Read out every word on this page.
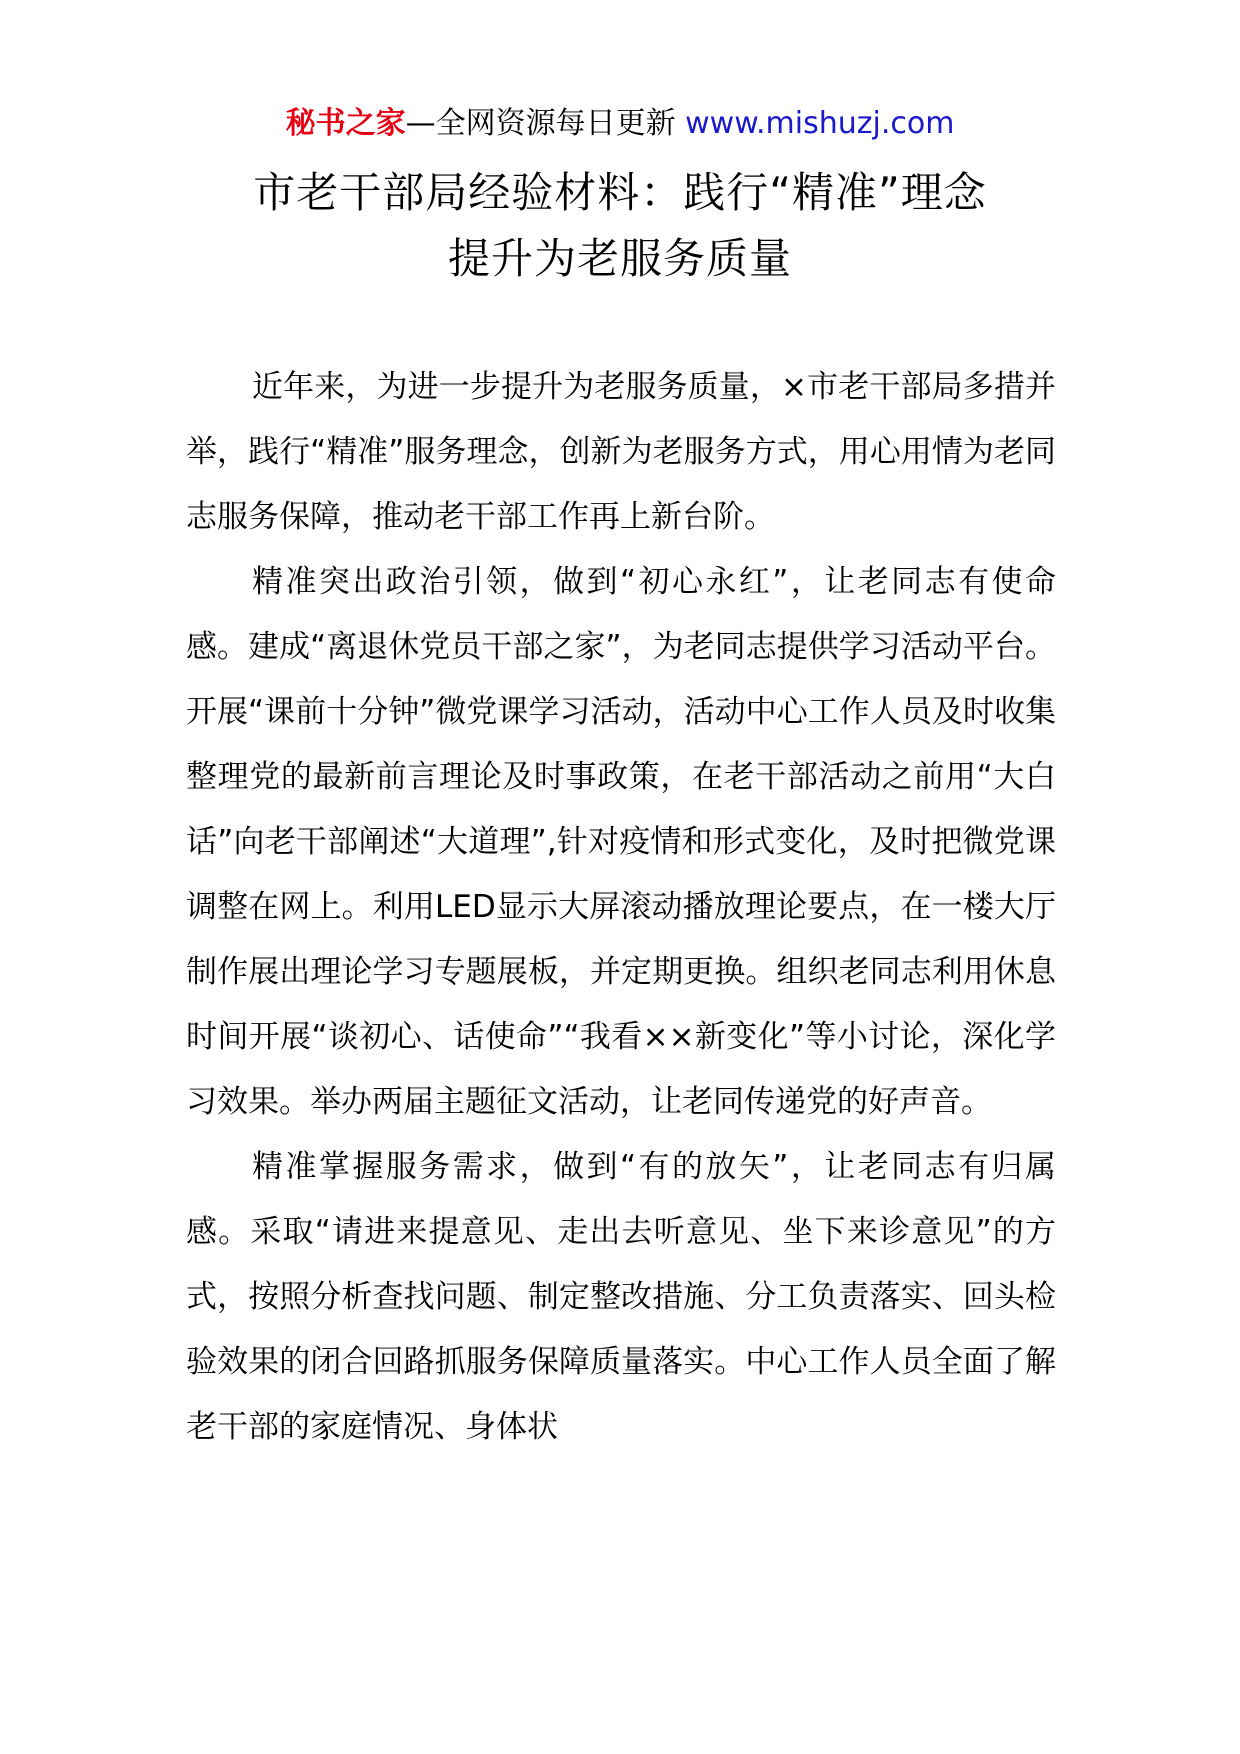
秘书之家—全网资源每日更新 www.mishuzj.com
市老干部局经验材料：践行“精准”理念
提升为老服务质量

近年来，为进一步提升为老服务质量，×市老干部局多措并举，践行“精准”服务理念，创新为老服务方式，用心用情为老同志服务保障，推动老干部工作再上新台阶。

精准突出政治引领，做到“初心永红”，让老同志有使命感。建成“离退休党员干部之家”，为老同志提供学习活动平台。开展“课前十分钟”微党课学习活动，活动中心工作人员及时收集整理党的最新前言理论及时事政策，在老干部活动之前用“大白话”向老干部阐述“大道理”,针对疫情和形式变化，及时把微党课调整在网上。利用LED显示大屏滚动播放理论要点，在一楼大厅制作展出理论学习专题展板，并定期更换。组织老同志利用休息时间开展“谈初心、话使命”“我看××新变化”等小讨论，深化学习效果。举办两届主题征文活动，让老同传递党的好声音。

精准掌握服务需求，做到“有的放矢”，让老同志有归属感。采取“请进来提意见、走出去听意见、坐下来诊意见”的方式，按照分析查找问题、制定整改措施、分工负责落实、回头检验效果的闭合回路抓服务保障质量落实。中心工作人员全面了解老干部的家庭情况、身体状
